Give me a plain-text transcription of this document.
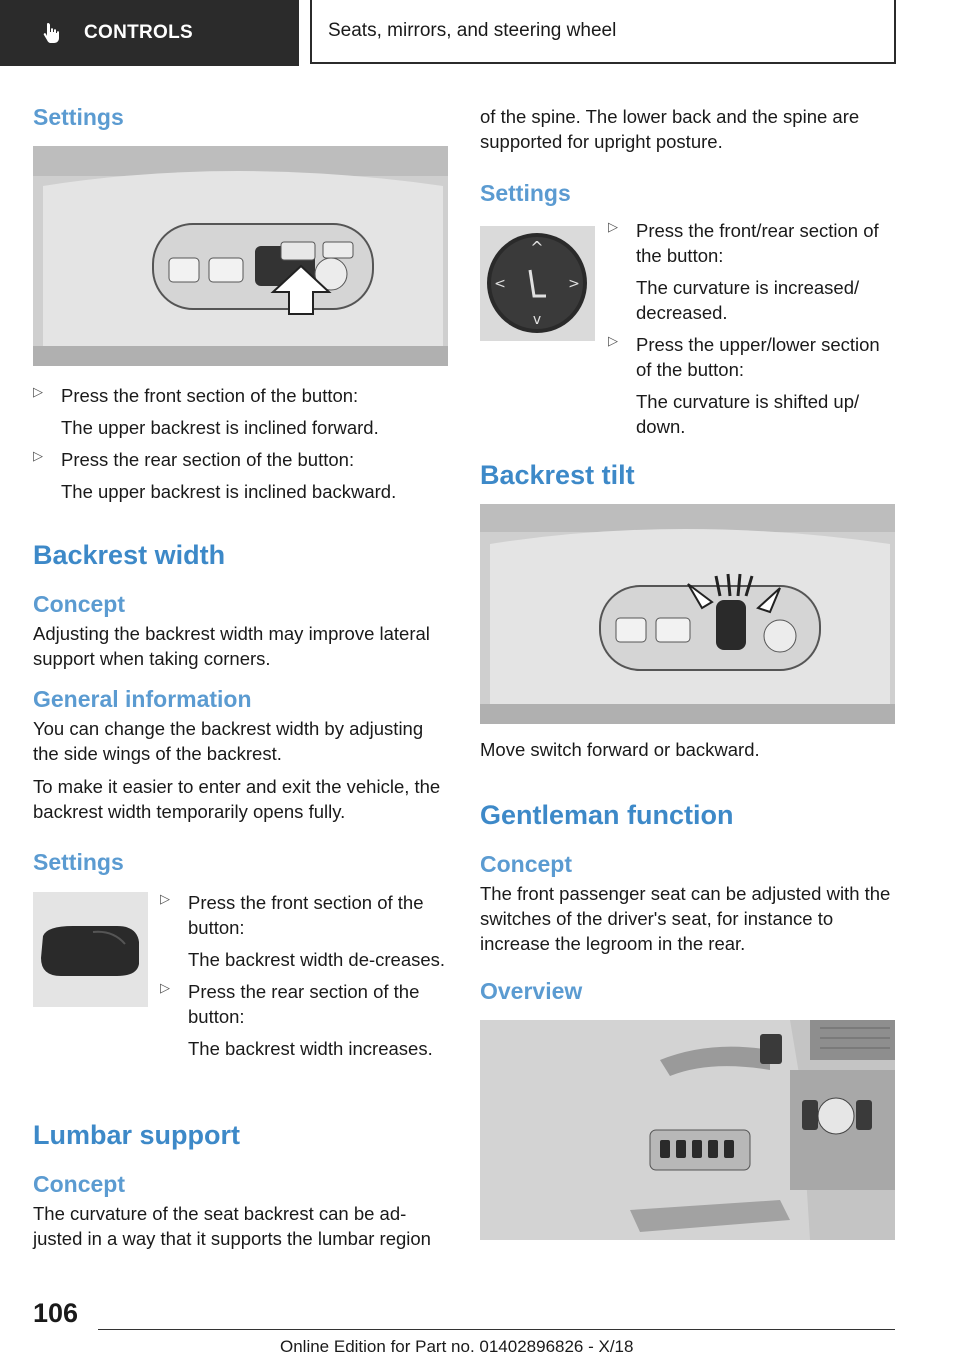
CONTROLS	Seats, mirrors, and steering wheel
Settings
▷ Press the front section of the button:
The upper backrest is inclined forward.
▷ Press the rear section of the button:
The upper backrest is inclined backward.
Backrest width
Concept
Adjusting the backrest width may improve lateral support when taking corners.
General information
You can change the backrest width by adjusting the side wings of the backrest.
To make it easier to enter and exit the vehicle, the backrest width temporarily opens fully.
Settings
▷ Press the front section of the button:
The backrest width de-creases.
▷ Press the rear section of the button:
The backrest width increases.
Lumbar support
Concept
The curvature of the seat backrest can be ad-justed in a way that it supports the lumbar region
of the spine. The lower back and the spine are supported for upright posture.
Settings
^
v
<	>
▷ Press the front/rear section of the button:
The curvature is increased/ decreased.
▷ Press the upper/lower section of the button:
The curvature is shifted up/ down.
Backrest tilt
Move switch forward or backward.
Gentleman function
Concept
The front passenger seat can be adjusted with the switches of the driver's seat, for instance to increase the legroom in the rear.
Overview
106
Online Edition for Part no. 01402896826 - X/18
